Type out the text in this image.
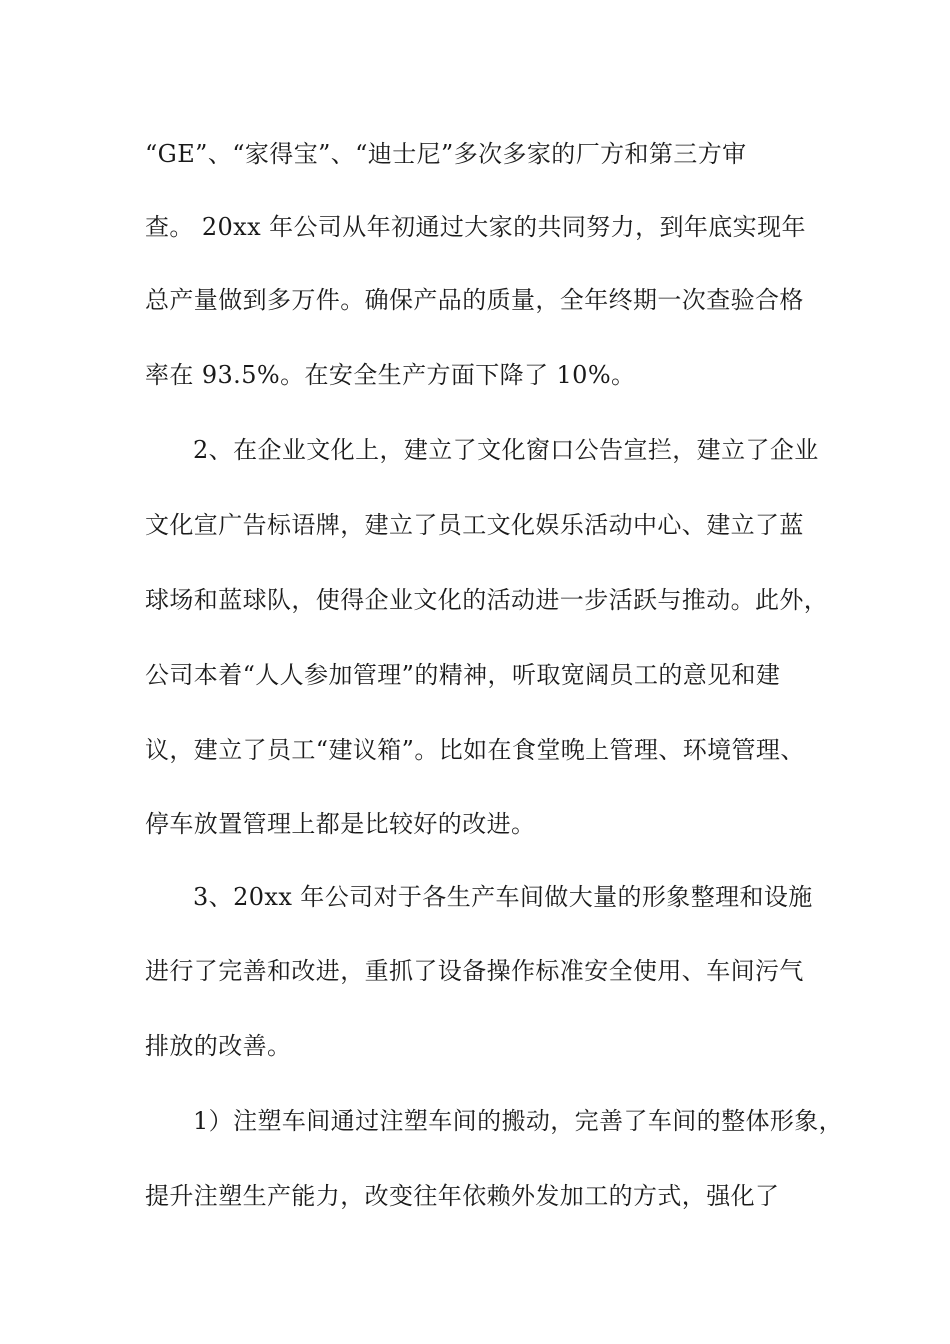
“GE”、“家得宝”、“迪士尼”多次多家的厂方和第三方审
查。 20xx 年公司从年初通过大家的共同努力，到年底实现年
总产量做到多万件。确保产品的质量，全年终期一次查验合格
率在 93.5%。在安全生产方面下降了 10%。
2、在企业文化上，建立了文化窗口公告宣拦，建立了企业
文化宣广告标语牌，建立了员工文化娱乐活动中心、建立了蓝
球场和蓝球队，使得企业文化的活动进一步活跃与推动。此外，
公司本着“人人参加管理”的精神，听取宽阔员工的意见和建
议，建立了员工“建议箱”。比如在食堂晚上管理、环境管理、
停车放置管理上都是比较好的改进。
3、20xx 年公司对于各生产车间做大量的形象整理和设施
进行了完善和改进，重抓了设备操作标准安全使用、车间污气
排放的改善。
1）注塑车间通过注塑车间的搬动，完善了车间的整体形象，
提升注塑生产能力，改变往年依赖外发加工的方式，强化了
